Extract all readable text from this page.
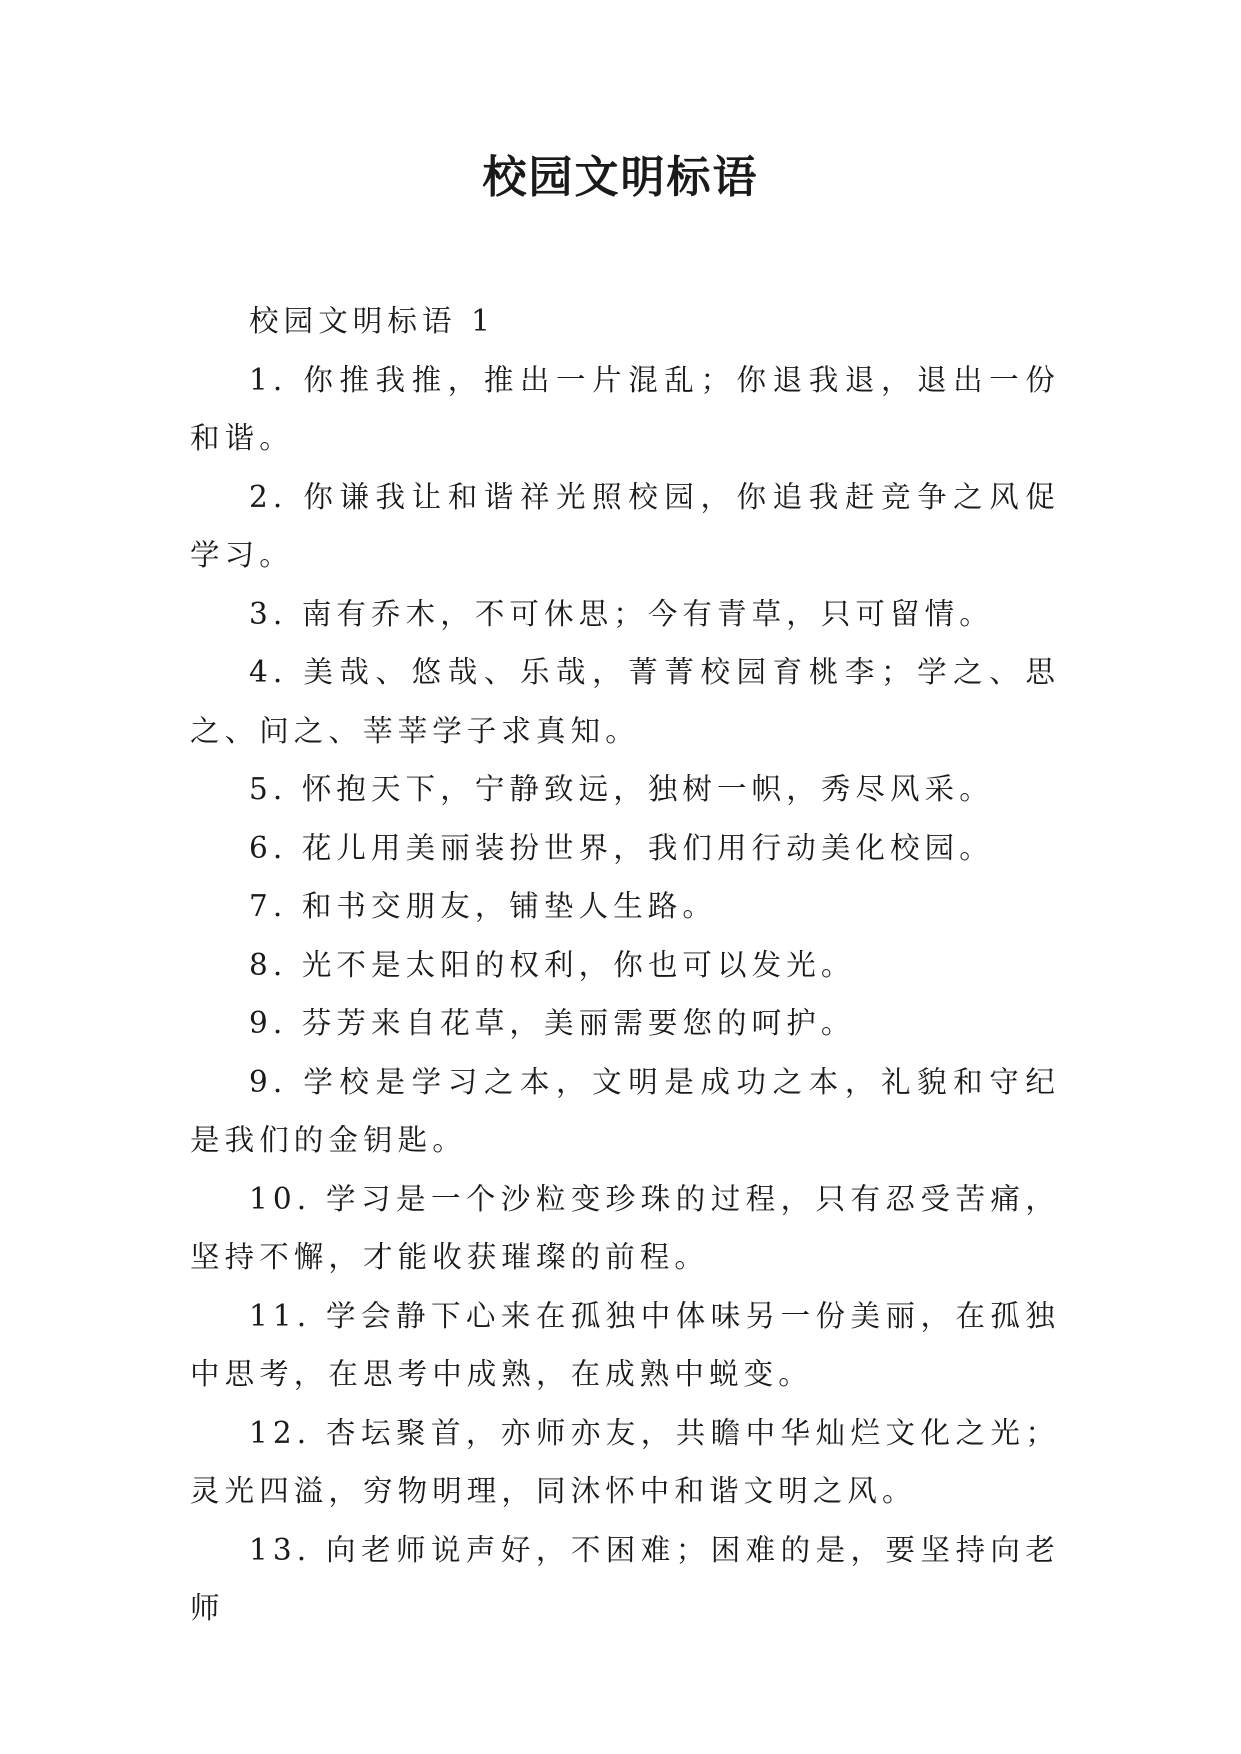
校园文明标语

校园文明标语 1

1. 你推我推，推出一片混乱；你退我退，退出一份和谐。

2. 你谦我让和谐祥光照校园，你追我赶竞争之风促学习。

3. 南有乔木，不可休思；今有青草，只可留情。

4. 美哉、悠哉、乐哉，菁菁校园育桃李；学之、思之、问之、莘莘学子求真知。

5. 怀抱天下，宁静致远，独树一帜，秀尽风采。

6. 花儿用美丽装扮世界，我们用行动美化校园。

7. 和书交朋友，铺垫人生路。

8. 光不是太阳的权利，你也可以发光。

9. 芬芳来自花草，美丽需要您的呵护。

9. 学校是学习之本，文明是成功之本，礼貌和守纪是我们的金钥匙。

10. 学习是一个沙粒变珍珠的过程，只有忍受苦痛，坚持不懈，才能收获璀璨的前程。

11. 学会静下心来在孤独中体味另一份美丽，在孤独中思考，在思考中成熟，在成熟中蜕变。

12. 杏坛聚首，亦师亦友，共瞻中华灿烂文化之光；灵光四溢，穷物明理，同沐怀中和谐文明之风。

13. 向老师说声好，不困难；困难的是，要坚持向老师
